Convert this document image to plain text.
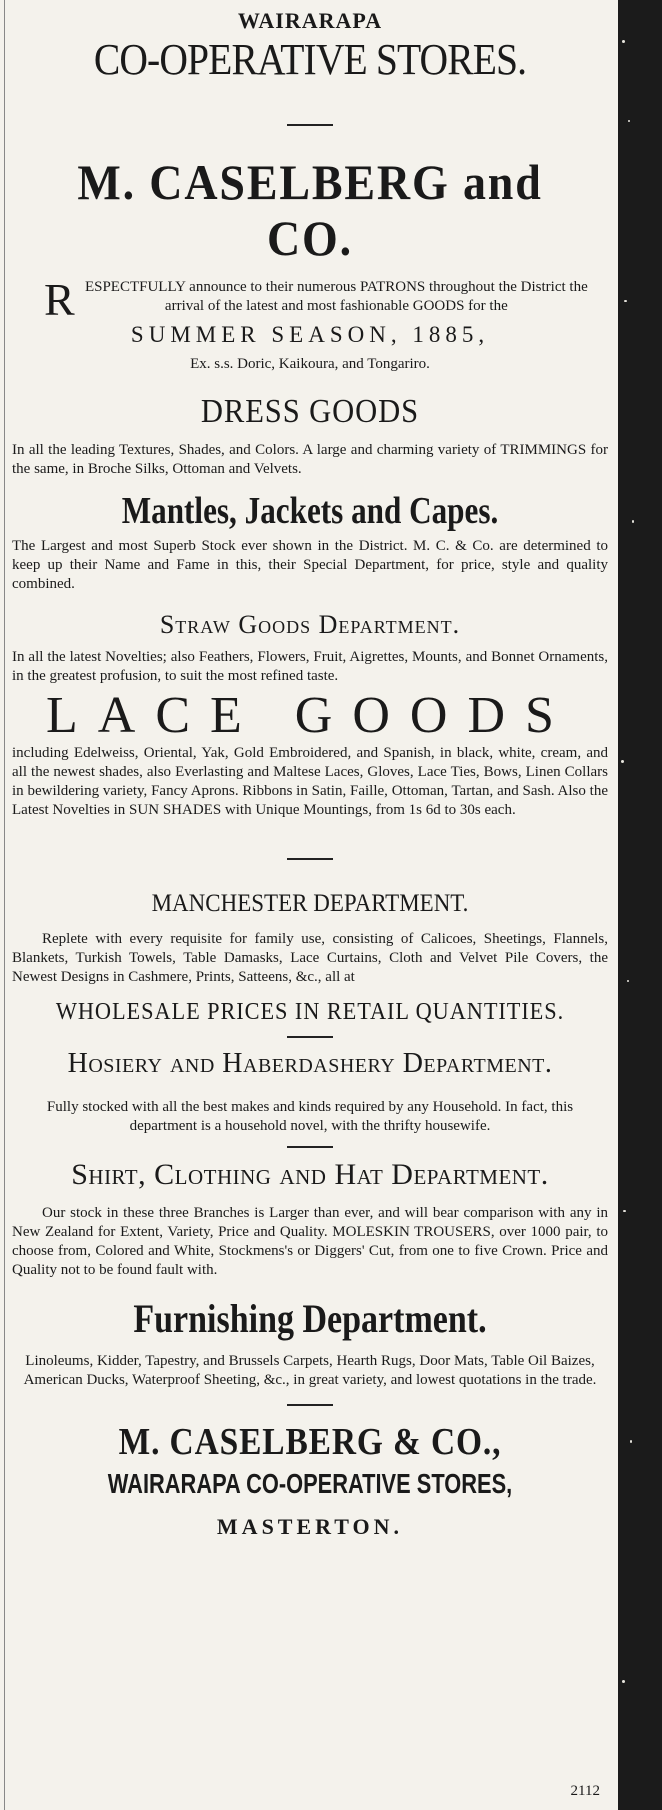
WAIRARAPA
CO-OPERATIVE STORES.
M. CASELBERG and CO.
R ESPECTFULLY announce to their numerous PATRONS throughout the District the arrival of the latest and most fashionable GOODS for the
SUMMER SEASON, 1885,
Ex. s.s. Doric, Kaikoura, and Tongariro.
DRESS GOODS

In all the leading Textures, Shades, and Colors. A large and charming variety of TRIMMINGS for the same, in Broche Silks, Ottoman and Velvets.

Mantles, Jackets and Capes.

The Largest and most Superb Stock ever shown in the District. M. C. & Co. are determined to keep up their Name and Fame in this, their Special Department, for price, style and quality combined.

Straw Goods Department.

In all the latest Novelties; also Feathers, Flowers, Fruit, Aigrettes, Mounts, and Bonnet Ornaments, in the greatest profusion, to suit the most refined taste.

LACE GOODS

including Edelweiss, Oriental, Yak, Gold Embroidered, and Spanish, in black, white, cream, and all the newest shades, also Everlasting and Maltese Laces, Gloves, Lace Ties, Bows, Linen Collars in bewildering variety, Fancy Aprons. Ribbons in Satin, Faille, Ottoman, Tartan, and Sash. Also the Latest Novelties in SUN SHADES with Unique Mountings, from 1s 6d to 30s each.

MANCHESTER DEPARTMENT.

Replete with every requisite for family use, consisting of Calicoes, Sheetings, Flannels, Blankets, Turkish Towels, Table Damasks, Lace Curtains, Cloth and Velvet Pile Covers, the Newest Designs in Cashmere, Prints, Satteens, &c., all at

WHOLESALE PRICES IN RETAIL QUANTITIES.
Hosiery and Haberdashery Department.

Fully stocked with all the best makes and kinds required by any Household. In fact, this department is a household novel, with the thrifty housewife.

Shirt, Clothing and Hat Department.

Our stock in these three Branches is Larger than ever, and will bear comparison with any in New Zealand for Extent, Variety, Price and Quality. MOLESKIN TROUSERS, over 1000 pair, to choose from, Colored and White, Stockmens's or Diggers' Cut, from one to five Crown. Price and Quality not to be found fault with.

Furnishing Department.

Linoleums, Kidder, Tapestry, and Brussels Carpets, Hearth Rugs, Door Mats, Table Oil Baizes, American Ducks, Waterproof Sheeting, &c., in great variety, and lowest quotations in the trade.

M. CASELBERG & CO.,
WAIRARAPA CO-OPERATIVE STORES,
MASTERTON.
2112
